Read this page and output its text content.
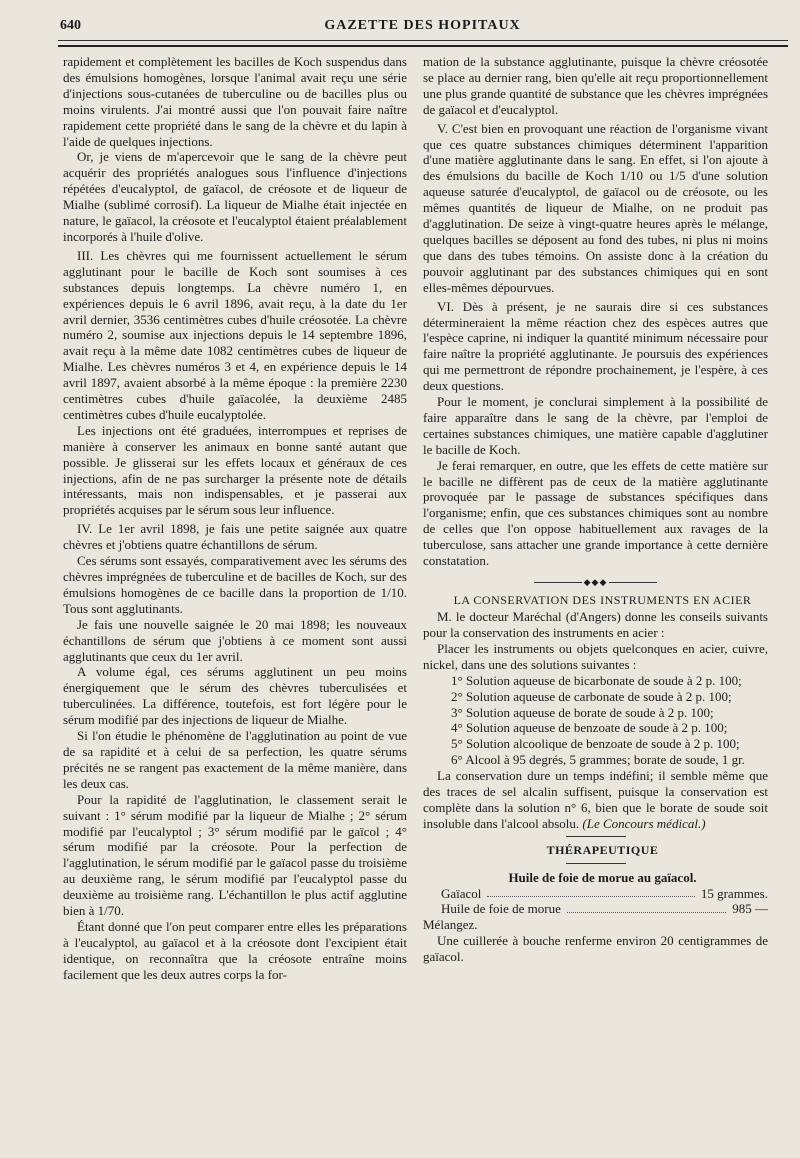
640	GAZETTE DES HOPITAUX

rapidement et complètement les bacilles de Koch suspendus dans des émulsions homogènes, lorsque l'animal avait reçu une série d'injections sous-cutanées de tuberculine ou de bacilles plus ou moins virulents. J'ai montré aussi que l'on pouvait faire naître rapidement cette propriété dans le sang de la chèvre et du lapin à l'aide de quelques injections.

Or, je viens de m'apercevoir que le sang de la chèvre peut acquérir des propriétés analogues sous l'influence d'injections répétées d'eucalyptol, de gaïacol, de créosote et de liqueur de Mialhe (sublimé corrosif). La liqueur de Mialhe était injectée en nature, le gaïacol, la créosote et l'eucalyptol étaient préalablement incorporés à l'huile d'olive.

III. Les chèvres qui me fournissent actuellement le sérum agglutinant pour le bacille de Koch sont soumises à ces substances depuis longtemps. La chèvre numéro 1, en expériences depuis le 6 avril 1896, avait reçu, à la date du 1er avril dernier, 3536 centimètres cubes d'huile créosotée. La chèvre numéro 2, soumise aux injections depuis le 14 septembre 1896, avait reçu à la même date 1082 centimètres cubes de liqueur de Mialhe. Les chèvres numéros 3 et 4, en expérience depuis le 14 avril 1897, avaient absorbé à la même époque : la première 2230 centimètres cubes d'huile gaïacolée, la deuxième 2485 centimètres cubes d'huile eucalyptolée.

Les injections ont été graduées, interrompues et reprises de manière à conserver les animaux en bonne santé autant que possible. Je glisserai sur les effets locaux et généraux de ces injections, afin de ne pas surcharger la présente note de détails intéressants, mais non indispensables, et je passerai aux propriétés acquises par le sérum sous leur influence.

IV. Le 1er avril 1898, je fais une petite saignée aux quatre chèvres et j'obtiens quatre échantillons de sérum.

Ces sérums sont essayés, comparativement avec les sérums des chèvres imprégnées de tuberculine et de bacilles de Koch, sur des émulsions homogènes de ce bacille dans la proportion de 1/10. Tous sont agglutinants.

Je fais une nouvelle saignée le 20 mai 1898; les nouveaux échantillons de sérum que j'obtiens à ce moment sont aussi agglutinants que ceux du 1er avril.

A volume égal, ces sérums agglutinent un peu moins énergiquement que le sérum des chèvres tuberculisées et tuberculinées. La différence, toutefois, est fort légère pour le sérum modifié par des injections de liqueur de Mialhe.

Si l'on étudie le phénomène de l'agglutination au point de vue de sa rapidité et à celui de sa perfection, les quatre sérums précités ne se rangent pas exactement de la même manière, dans les deux cas.

Pour la rapidité de l'agglutination, le classement serait le suivant : 1° sérum modifié par la liqueur de Mialhe ; 2° sérum modifié par l'eucalyptol ; 3° sérum modifié par le gaïcol ; 4° sérum modifié par la créosote. Pour la perfection de l'agglutination, le sérum modifié par le gaïacol passe du troisième au deuxième rang, le sérum modifié par l'eucalyptol passe du deuxième au troisième rang. L'échantillon le plus actif agglutine bien à 1/70.

Étant donné que l'on peut comparer entre elles les préparations à l'eucalyptol, au gaïacol et à la créosote dont l'excipient était identique, on reconnaîtra que la créosote entraîne moins facilement que les deux autres corps la for-

mation de la substance agglutinante, puisque la chèvre créosotée se place au dernier rang, bien qu'elle ait reçu proportionnellement une plus grande quantité de substance que les chèvres imprégnées de gaïacol et d'eucalyptol.

V. C'est bien en provoquant une réaction de l'organisme vivant que ces quatre substances chimiques déterminent l'apparition d'une matière agglutinante dans le sang. En effet, si l'on ajoute à des émulsions du bacille de Koch 1/10 ou 1/5 d'une solution aqueuse saturée d'eucalyptol, de gaïacol ou de créosote, ou les mêmes quantités de liqueur de Mialhe, on ne produit pas d'agglutination. De seize à vingt-quatre heures après le mélange, quelques bacilles se déposent au fond des tubes, ni plus ni moins que dans des tubes témoins. On assiste donc à la création du pouvoir agglutinant par des substances chimiques qui en sont elles-mêmes dépourvues.

VI. Dès à présent, je ne saurais dire si ces substances détermineraient la même réaction chez des espèces autres que l'espèce caprine, ni indiquer la quantité minimum nécessaire pour faire naître la propriété agglutinante. Je poursuis des expériences qui me permettront de répondre prochainement, je l'espère, à ces deux questions.

Pour le moment, je conclurai simplement à la possibilité de faire apparaître dans le sang de la chèvre, par l'emploi de certaines substances chimiques, une matière capable d'agglutiner le bacille de Koch.

Je ferai remarquer, en outre, que les effets de cette matière sur le bacille ne diffèrent pas de ceux de la matière agglutinante provoquée par le passage de substances spécifiques dans l'organisme; enfin, que ces substances chimiques sont au nombre de celles que l'on oppose habituellement aux ravages de la tuberculose, sans attacher une grande importance à cette dernière constatation.

◆◆◆

LA CONSERVATION DES INSTRUMENTS EN ACIER

M. le docteur Maréchal (d'Angers) donne les conseils suivants pour la conservation des instruments en acier :

Placer les instruments ou objets quelconques en acier, cuivre, nickel, dans une des solutions suivantes :

1° Solution aqueuse de bicarbonate de soude à 2 p. 100;

2° Solution aqueuse de carbonate de soude à 2 p. 100;

3° Solution aqueuse de borate de soude à 2 p. 100;

4° Solution aqueuse de benzoate de soude à 2 p. 100;

5° Solution alcoolique de benzoate de soude à 2 p. 100;

6° Alcool à 95 degrés, 5 grammes; borate de soude, 1 gr.

La conservation dure un temps indéfini; il semble même que des traces de sel alcalin suffisent, puisque la conservation est complète dans la solution n° 6, bien que le borate de soude soit insoluble dans l'alcool absolu. (Le Concours médical.)

THÉRAPEUTIQUE

Huile de foie de morue au gaïacol.

Gaïacol	15 grammes.
Huile de foie de morue	985 —

Mélangez.

Une cuillerée à bouche renferme environ 20 centigrammes de gaïacol.
